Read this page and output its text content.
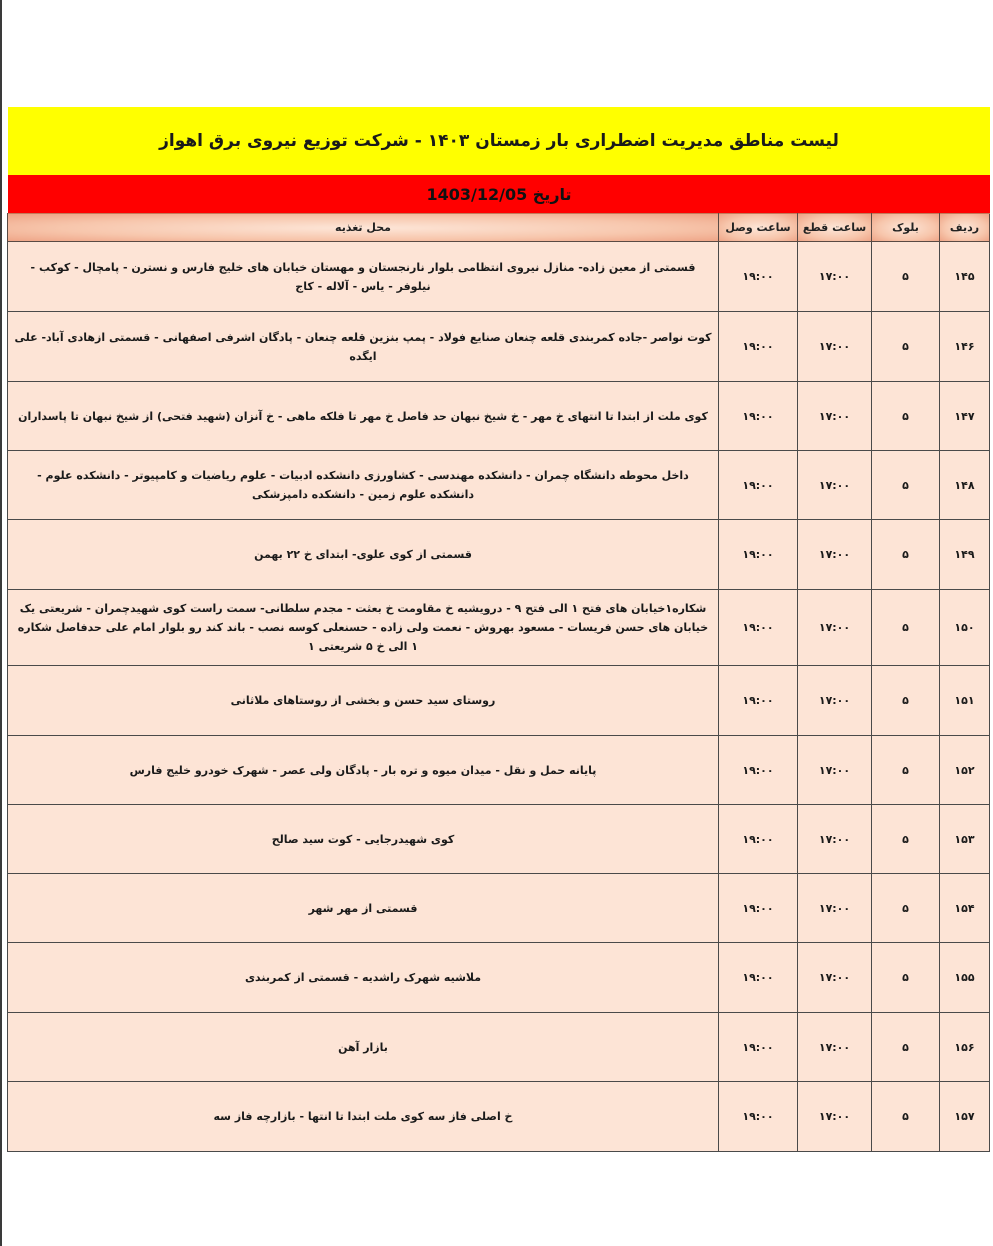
لیست مناطق مدیریت اضطراری بار زمستان ۱۴۰۳ - شرکت توزیع نیروی برق اهواز
تاریخ 1403/12/05
ردیف	بلوک	ساعت قطع	ساعت وصل	محل تغذیه
۱۴۵	۵	۱۷:۰۰	۱۹:۰۰	قسمتی از معین زاده- منازل نیروی انتظامی بلوار نارنجستان و مهستان خیابان های خلیج فارس و نسترن - پامچال - کوکب - نیلوفر - یاس - آلاله - کاج
۱۴۶	۵	۱۷:۰۰	۱۹:۰۰	کوت نواصر -جاده کمربندی قلعه چنعان صنایع فولاد - پمپ بنزین قلعه چنعان - پادگان اشرفی اصفهانی - قسمتی ازهادی آباد- علی ایگده
۱۴۷	۵	۱۷:۰۰	۱۹:۰۰	کوی ملت از ابتدا تا انتهای خ مهر - خ شیخ نبهان حد فاصل خ مهر تا فلکه ماهی - خ آنزان (شهید فتحی) از شیخ نبهان تا پاسداران
۱۴۸	۵	۱۷:۰۰	۱۹:۰۰	داخل محوطه دانشگاه چمران - دانشکده مهندسی - کشاورزی دانشکده ادبیات - علوم ریاضیات و کامپیوتر - دانشکده علوم - دانشکده علوم زمین - دانشکده دامپزشکی
۱۴۹	۵	۱۷:۰۰	۱۹:۰۰	قسمتی از کوی علوی- ابتدای خ ۲۲ بهمن
۱۵۰	۵	۱۷:۰۰	۱۹:۰۰	شکاره۱خیابان های فتح ۱ الی فتح ۹ - درویشیه خ مقاومت خ بعثت - مجدم سلطانی- سمت راست کوی شهیدچمران - شریعتی یک خیابان های حسن فریسات - مسعود بهروش - نعمت ولی زاده - حسنعلی کوسه نصب - باند کند رو بلوار امام علی حدفاصل شکاره ۱ الی خ ۵ شریعتی ۱
۱۵۱	۵	۱۷:۰۰	۱۹:۰۰	روستای سید حسن و بخشی از روستاهای ملاثانی
۱۵۲	۵	۱۷:۰۰	۱۹:۰۰	پایانه حمل و نقل - میدان میوه و تره بار - پادگان ولی عصر - شهرک خودرو خلیج فارس
۱۵۳	۵	۱۷:۰۰	۱۹:۰۰	کوی شهیدرجایی - کوت سید صالح
۱۵۴	۵	۱۷:۰۰	۱۹:۰۰	قسمتی از مهر شهر
۱۵۵	۵	۱۷:۰۰	۱۹:۰۰	ملاشیه شهرک راشدیه - قسمتی از کمربندی
۱۵۶	۵	۱۷:۰۰	۱۹:۰۰	بازار آهن
۱۵۷	۵	۱۷:۰۰	۱۹:۰۰	خ اصلی فاز سه کوی ملت ابتدا تا انتها - بازارچه فاز سه
